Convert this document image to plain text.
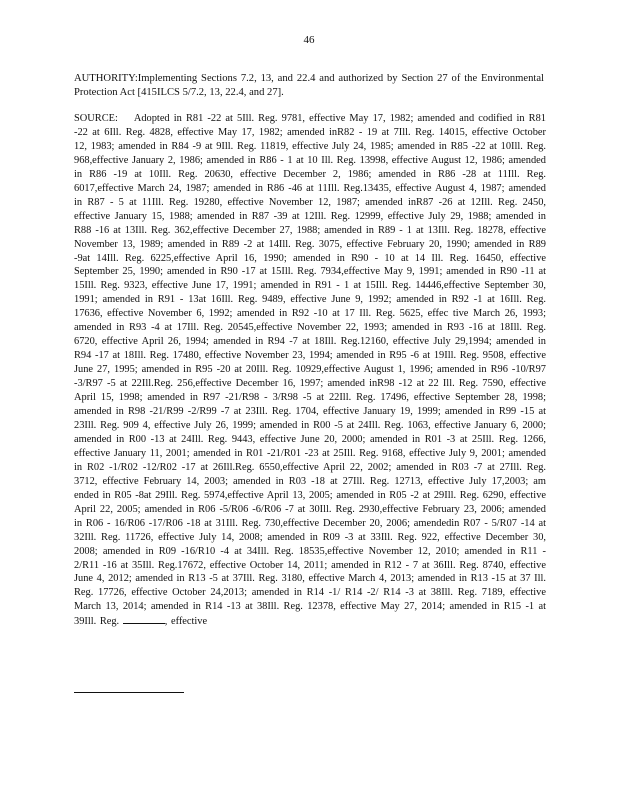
46
AUTHORITY:Implementing Sections 7.2, 13, and 22.4 and authorized by Section 27 of the Environmental Protection Act [415ILCS 5/7.2, 13, 22.4, and 27].
SOURCE: Adopted in R81 -22 at 5Ill. Reg. 9781, effective May 17, 1982; amended and codified in R81 -22 at 6Ill. Reg. 4828, effective May 17, 1982; amended inR82 - 19 at 7Ill. Reg. 14015, effective October 12, 1983; amended in R84 -9 at 9Ill. Reg. 11819, effective July 24, 1985; amended in R85 -22 at 10Ill. Reg. 968,effective January 2, 1986; amended in R86 - 1 at 10 Ill. Reg. 13998, effective August 12, 1986; amended in R86 -19 at 10Ill. Reg. 20630, effective December 2, 1986; amended in R86 -28 at 11Ill. Reg. 6017,effective March 24, 1987; amended in R86 -46 at 11Ill. Reg.13435, effective August 4, 1987; amended in R87 - 5 at 11Ill. Reg. 19280, effective November 12, 1987; amended inR87 -26 at 12Ill. Reg. 2450, effective January 15, 1988; amended in R87 -39 at 12Ill. Reg. 12999, effective July 29, 1988; amended in R88 -16 at 13Ill. Reg. 362,effective December 27, 1988; amended in R89 - 1 at 13Ill. Reg. 18278, effective November 13, 1989; amended in R89 -2 at 14Ill. Reg. 3075, effective February 20, 1990; amended in R89 -9at 14Ill. Reg. 6225,effective April 16, 1990; amended in R90 - 10 at 14 Ill. Reg. 16450, effective September 25, 1990; amended in R90 -17 at 15Ill. Reg. 7934,effective May 9, 1991; amended in R90 -11 at 15Ill. Reg. 9323, effective June 17, 1991; amended in R91 - 1 at 15Ill. Reg. 14446,effective September 30, 1991; amended in R91 - 13at 16Ill. Reg. 9489, effective June 9, 1992; amended in R92 -1 at 16Ill. Reg. 17636, effective November 6, 1992; amended in R92 -10 at 17 Ill. Reg. 5625, effec tive March 26, 1993; amended in R93 -4 at 17Ill. Reg. 20545,effective November 22, 1993; amended in R93 -16 at 18Ill. Reg. 6720, effective April 26, 1994; amended in R94 -7 at 18Ill. Reg.12160, effective July 29,1994; amended in R94 -17 at 18Ill. Reg. 17480, effective November 23, 1994; amended in R95 -6 at 19Ill. Reg. 9508, effective June 27, 1995; amended in R95 -20 at 20Ill. Reg. 10929,effective August 1, 1996; amended in R96 -10/R97 -3/R97 -5 at 22Ill.Reg. 256,effective December 16, 1997; amended inR98 -12 at 22 Ill. Reg. 7590, effective April 15, 1998; amended in R97 -21/R98 - 3/R98 -5 at 22Ill. Reg. 17496, effective September 28, 1998; amended in R98 -21/R99 -2/R99 -7 at 23Ill. Reg. 1704, effective January 19, 1999; amended in R99 -15 at 23Ill. Reg. 909 4, effective July 26, 1999; amended in R00 -5 at 24Ill. Reg. 1063, effective January 6, 2000; amended in R00 -13 at 24Ill. Reg. 9443, effective June 20, 2000; amended in R01 -3 at 25Ill. Reg. 1266, effective January 11, 2001; amended in R01 -21/R01 -23 at 25Ill. Reg. 9168, effective July 9, 2001; amended in R02 -1/R02 -12/R02 -17 at 26Ill.Reg. 6550,effective April 22, 2002; amended in R03 -7 at 27Ill. Reg. 3712, effective February 14, 2003; amended in R03 -18 at 27Ill. Reg. 12713, effective July 17,2003; am ended in R05 -8at 29Ill. Reg. 5974,effective April 13, 2005; amended in R05 -2 at 29Ill. Reg. 6290, effective April 22, 2005; amended in R06 -5/R06 -6/R06 -7 at 30Ill. Reg. 2930,effective February 23, 2006; amended in R06 - 16/R06 -17/R06 -18 at 31Ill. Reg. 730,effective December 20, 2006; amendedin R07 - 5/R07 -14 at 32Ill. Reg. 11726, effective July 14, 2008; amended in R09 -3 at 33Ill. Reg. 922, effective December 30, 2008; amended in R09 -16/R10 -4 at 34Ill. Reg. 18535,effective November 12, 2010; amended in R11 - 2/R11 -16 at 35Ill. Reg.17672, effective October 14, 2011; amended in R12 - 7 at 36Ill. Reg. 8740, effective June 4, 2012; amended in R13 -5 at 37Ill. Reg. 3180, effective March 4, 2013; amended in R13 -15 at 37 Ill. Reg. 17726, effective October 24,2013; amended in R14 -1/ R14 -2/ R14 -3 at 38Ill. Reg. 7189, effective March 13, 2014; amended in R14 -13 at 38Ill. Reg. 12378, effective May 27, 2014; amended in R15 -1 at 39Ill. Reg.	, effective
